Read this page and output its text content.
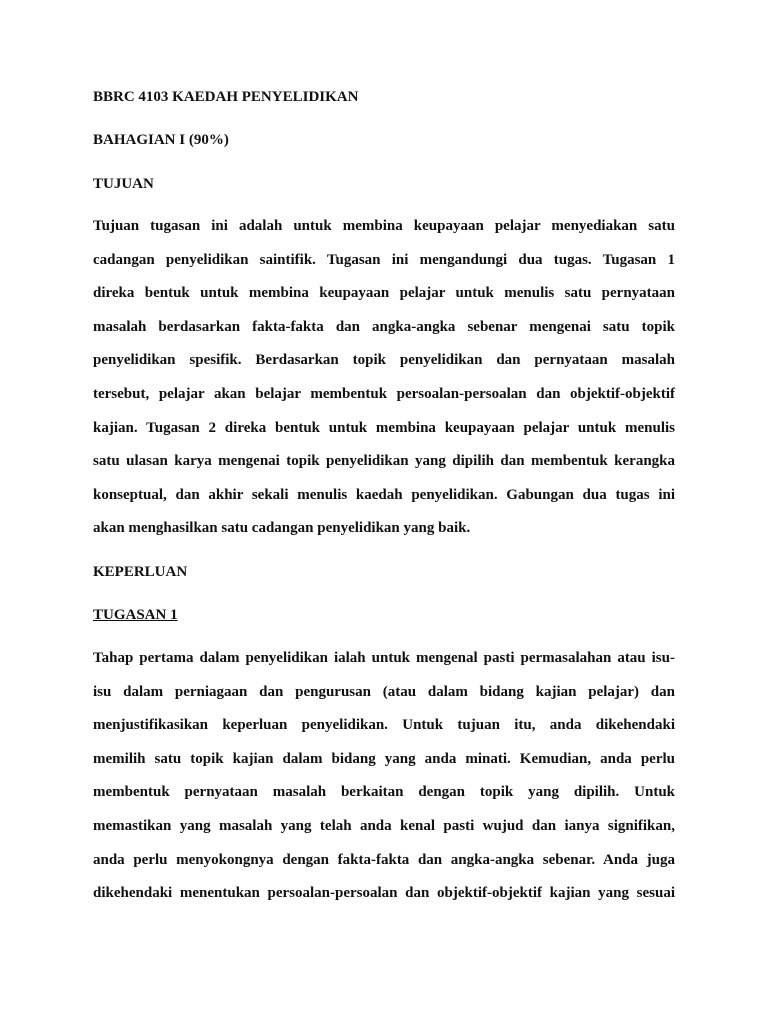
BBRC 4103 KAEDAH PENYELIDIKAN
BAHAGIAN I (90%)
TUJUAN
Tujuan tugasan ini adalah untuk membina keupayaan pelajar menyediakan satu
cadangan penyelidikan saintifik. Tugasan ini mengandungi dua tugas. Tugasan 1
direka bentuk untuk membina keupayaan pelajar untuk menulis satu pernyataan
masalah berdasarkan fakta-fakta dan angka-angka sebenar mengenai satu topik
penyelidikan spesifik. Berdasarkan topik penyelidikan dan pernyataan masalah
tersebut, pelajar akan belajar membentuk persoalan-persoalan dan objektif-objektif
kajian. Tugasan 2 direka bentuk untuk membina keupayaan pelajar untuk menulis
satu ulasan karya mengenai topik penyelidikan yang dipilih dan membentuk kerangka
konseptual, dan akhir sekali menulis kaedah penyelidikan. Gabungan dua tugas ini
akan menghasilkan satu cadangan penyelidikan yang baik.
KEPERLUAN
TUGASAN 1
Tahap pertama dalam penyelidikan ialah untuk mengenal pasti permasalahan atau isu-
isu dalam perniagaan dan pengurusan (atau dalam bidang kajian pelajar) dan
menjustifikasikan keperluan penyelidikan. Untuk tujuan itu, anda dikehendaki
memilih satu topik kajian dalam bidang yang anda minati. Kemudian, anda perlu
membentuk pernyataan masalah berkaitan dengan topik yang dipilih. Untuk
memastikan yang masalah yang telah anda kenal pasti wujud dan ianya signifikan,
anda perlu menyokongnya dengan fakta-fakta dan angka-angka sebenar. Anda juga
dikehendaki menentukan persoalan-persoalan dan objektif-objektif kajian yang sesuai
